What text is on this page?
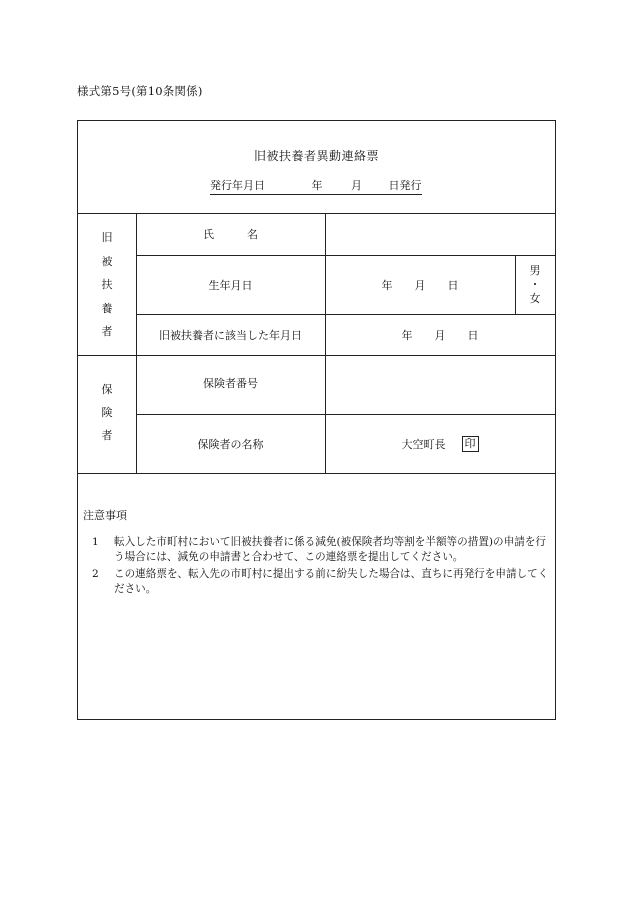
様式第5号(第10条関係)
旧被扶養者異動連絡票
発行年月日	年	月 日発行
旧
被
扶
養
者
氏　　　名
生年月日	年　　月　　日
男
・
女
旧被扶養者に該当した年月日	年　　月　　日
保
険
者
保険者番号
保険者の名称	大空町長 印
注意事項
1 転入した市町村において旧被扶養者に係る減免(被保険者均等割を半額等の措置)の申請を行う場合には、減免の申請書と合わせて、この連絡票を提出してください。
2 この連絡票を、転入先の市町村に提出する前に紛失した場合は、直ちに再発行を申請してください。
